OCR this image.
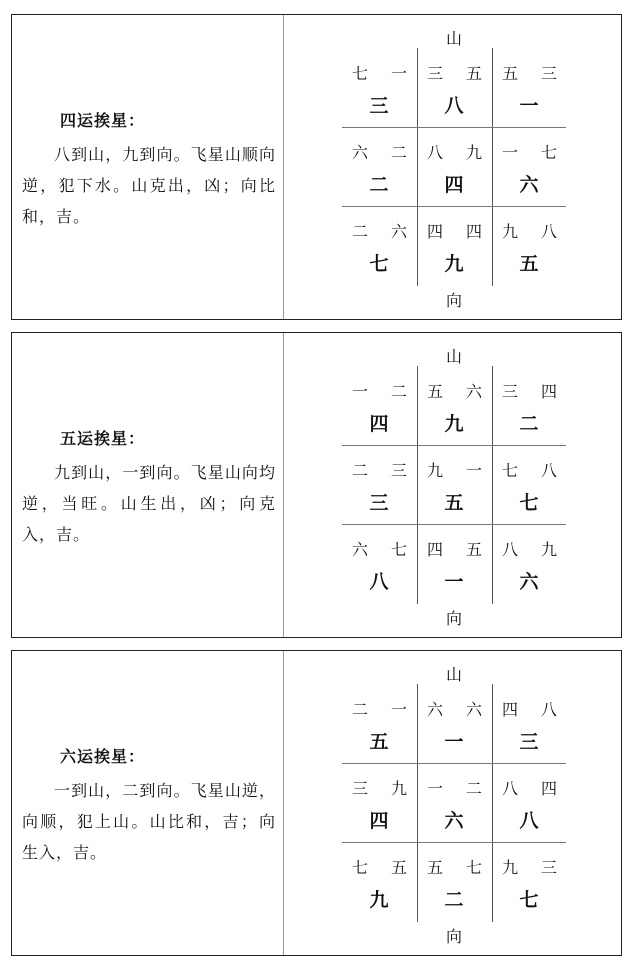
四运挨星：

八到山，九到向。飞星山顺向逆，犯下水。山克出，凶；向比和，吉。

山
七 一
三
三 五
八
五 三
一
六 二
二
八 九
四
一 七
六
二 六
七
四 四
九
九 八
五
向
五运挨星：

九到山，一到向。飞星山向均逆，当旺。山生出，凶；向克入，吉。

山
一 二
四
五 六
九
三 四
二
二 三
三
九 一
五
七 八
七
六 七
八
四 五
一
八 九
六
向
六运挨星：

一到山，二到向。飞星山逆，向顺，犯上山。山比和，吉；向生入，吉。

山
二 一
五
六 六
一
四 八
三
三 九
四
一 二
六
八 四
八
七 五
九
五 七
二
九 三
七
向
